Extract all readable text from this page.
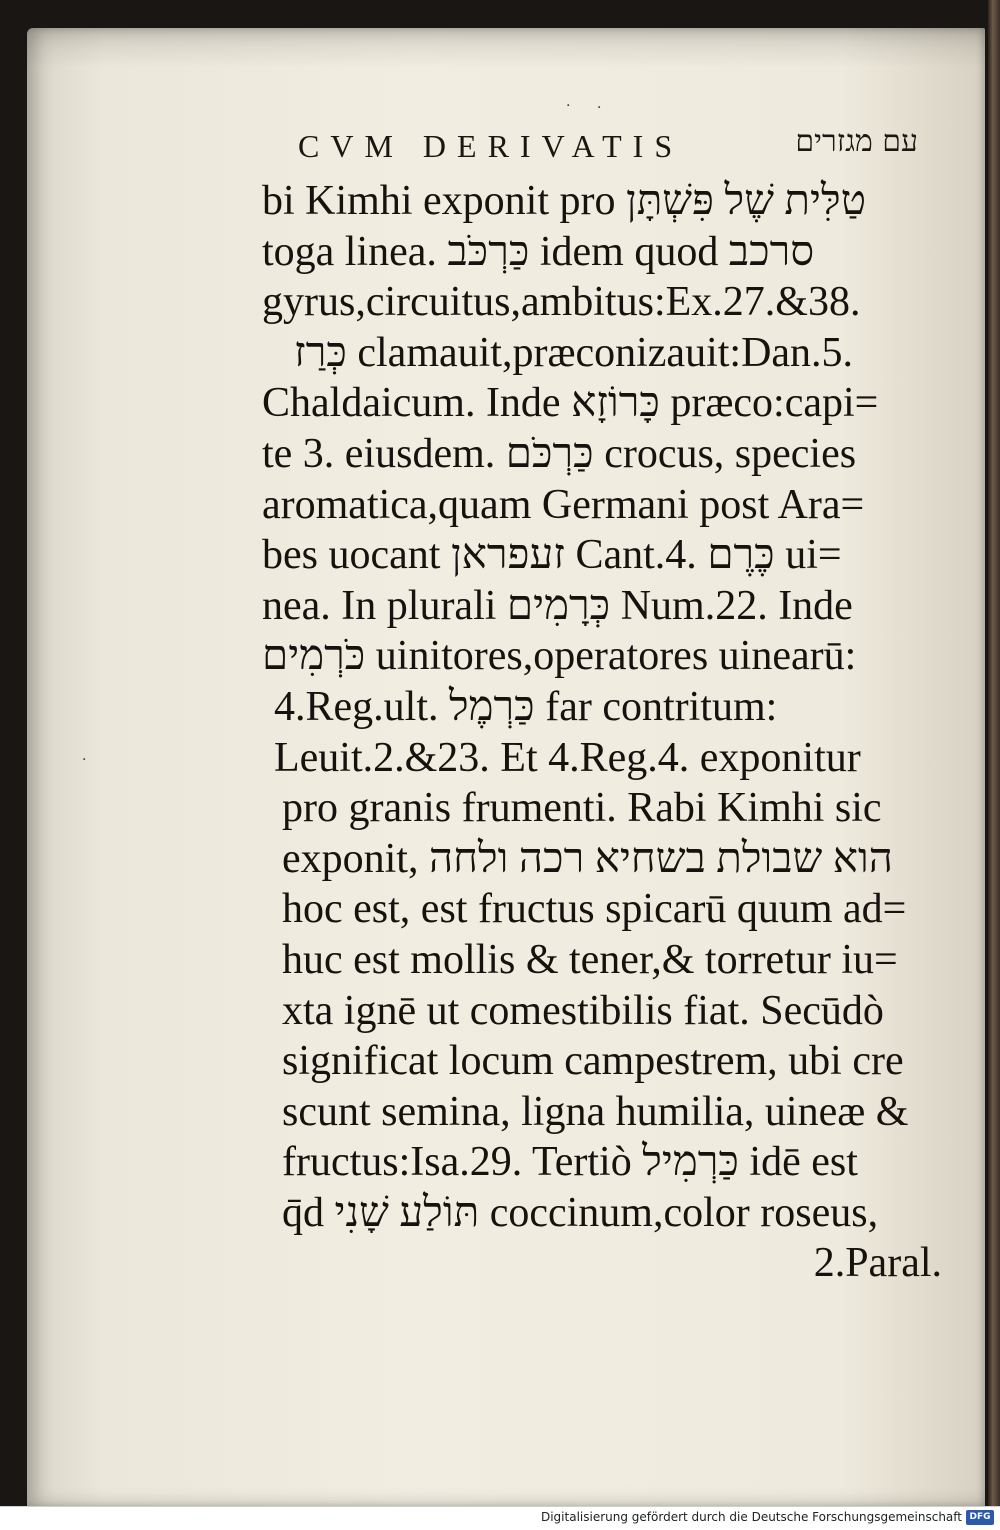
· ·
·
CVM DERIVATIS	עם מגזרים
bi Kimhi exponit pro טַלִּית שֶׁל פִּשְׁתָּן
toga linea. כַּרְכֹּב idem quod סרכב
gyrus,circuitus,ambitus:Ex.27.&38.
כְּרַז clamauit,præconizauit:Dan.5.
Chaldaicum. Inde כָּרוֹזָא præco:capi=
te 3. eiusdem. כַּרְכֹּם crocus, species
aromatica,quam Germani post Ara=
bes uocant זעפראן Cant.4. כֶּרֶם ui=
nea. In plurali כְּרָמִים Num.22. Inde
כֹּרְמִים uinitores,operatores uinearū:
4.Reg.ult. כַּרְמֶל far contritum:
Leuit.2.&23. Et 4.Reg.4. exponitur
pro granis frumenti. Rabi Kimhi sic
exponit, הוא שבולת בשחיא רכה ולחה
hoc est, est fructus spicarū quum ad=
huc est mollis & tener,& torretur iu=
xta ignē ut comestibilis fiat. Secūdò
significat locum campestrem, ubi cre
scunt semina, ligna humilia, uineæ &
fructus:Isa.29. Tertiò כַּרְמִיל idē est
q̄d תּוֹלַע שָׁנִי coccinum,color roseus,
2.Paral.
Digitalisierung gefördert durch die Deutsche Forschungsgemeinschaft DFG
